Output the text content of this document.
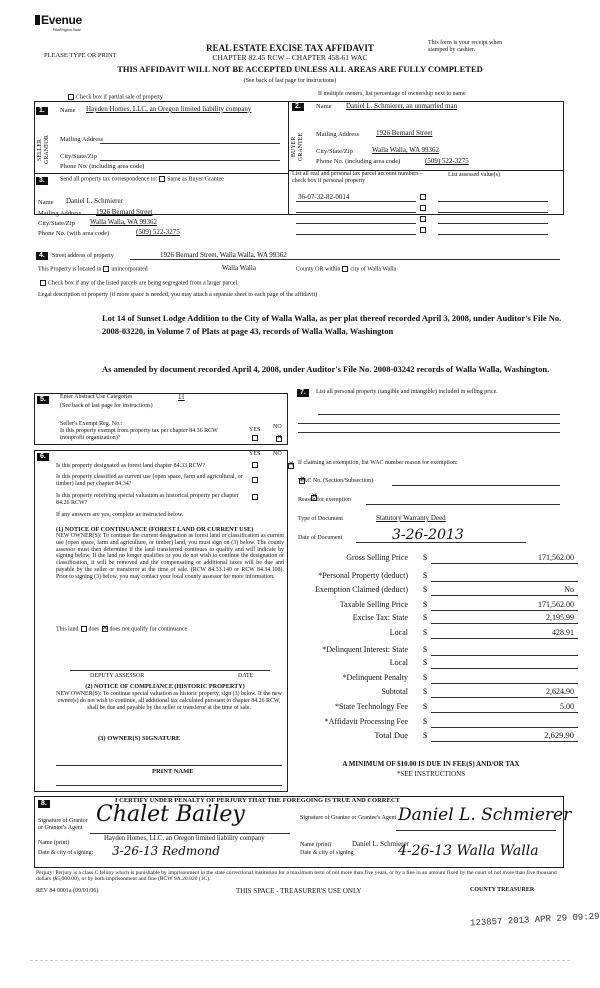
Evenue
Washington State
PLEASE TYPE OR PRINT
REAL ESTATE EXCISE TAX AFFIDAVIT
CHAPTER 82.45 RCW – CHAPTER 458-61 WAC
THIS AFFIDAVIT WILL NOT BE ACCEPTED UNLESS ALL AREAS ARE FULLY COMPLETED
(See back of last page for instructions)
This form is your receipt when stamped by cashier.
Check box if partial sale of property
If multiple owners, list percentage of ownership next to name
1.
SELLER GRANTOR
Name Hayden Homes, LLC, an Oregon limited liability company
Mailing Address
City/State/Zip
Phone No. (including area code)
2.
BUYER GRANTEE
Name Daniel L. Schmierer, an unmarried man
Mailing Address 1926 Bernard Street
City/State/Zip	Walla Walla, WA 99362
Phone No. (including area code)	(509) 522-3275
3.	Send all property tax correspondence to: Same as Buyer/Grantee
Name Daniel L. Schmierer
Mailing Address 1926 Bernard Street
City/State/Zip Walla Walla, WA 99362
Phone No. (with area code)	(509) 522-3275
List all real and personal tax parcel account numbers – check box if personal property
List assessed value(s)
36-07-32-82-0014
4.	Street address of property	1926 Bernard Street, Walla Walla, WA 99362
This Property is located in unincorporated	Walla Walla	County OR within city of Walla Walla
Check box if any of the listed parcels are being segregated from a larger parcel.
Legal description of property (if more space is needed, you may attach a separate sheet to each page of the affidavit)
Lot 14 of Sunset Lodge Addition to the City of Walla Walla, as per plat thereof recorded April 3, 2008, under Auditor's File No. 2008-03220, in Volume 7 of Plats at page 43, records of Walla Walla, Washington
As amended by document recorded April 4, 2008, under Auditor's File No. 2008-03242 records of Walla Walla, Washington.
5.	Enter Abstract Use Categories	11
(See back of last page for instructions)
Seller's Exempt Reg. No.:
Is this property exempt from property tax per chapter 84.36 RCW (nonprofit organization)?
YES NO
✕
6.	YES NO
Is this property designated as forest land chapter 84.33 RCW?
✕
Is this property classified as current use (open space, farm and agricultural, or timber) land per chapter 84.34?
✕
Is this property receiving special valuation as historical property per chapter 84.26 RCW?
✕
If any answers are yes, complete as instructed below.
(1) NOTICE OF CONTINUANCE (FOREST LAND OR CURRENT USE)
NEW OWNER(S): To continue the current designation as forest land or classification as current use (open space, farm and agriculture, or timber) land, you must sign on (3) below. The county assessor must then determine if the land transferred continues to qualify and will indicate by signing below. If the land no longer qualifies or you do not wish to continue the designation or classification, it will be removed and the compensating or additional taxes will be due and payable by the seller or transferor at the time of sale. (RCW 84.33.140 or RCW 84.34.108). Prior to signing (3) below, you may contact your local county assessor for more information.
This land does✕ does not qualify for continuance
DEPUTY ASSESSOR	DATE
(2) NOTICE OF COMPLIANCE (HISTORIC PROPERTY)
NEW OWNER(S): To continue special valuation as historic property, sign (3) below. If the new owner(s) do not wish to continue, all additional tax calculated pursuant to chapter 84.26 RCW, shall be due and payable by the seller or transferor at the time of sale.
(3) OWNER(S) SIGNATURE
PRINT NAME
7.	List all personal property (tangible and intangible) included in selling price.
If claiming an exemption, list WAC number reason for exemption:
WAC No. (Section/Subsection)
Reason for exemption
Type of Document	Statutory Warranty Deed
Date of Document	3-26-2013
Gross Selling Price $	171,562.00
*Personal Property (deduct) $
Exemption Claimed (deduct) $	No
Taxable Selling Price $	171,562.00
Excise Tax: State $	2,195.99
Local $	428.91
*Delinquent Interest: State $
Local $
*Delinquent Penalty $
Subtotal $	2,624.90
*State Technology Fee $	5.00
*Affidavit Processing Fee $
Total Due $	2,629.90
A MINIMUM OF $10.00 IS DUE IN FEE(S) AND/OR TAX
*SEE INSTRUCTIONS
8.	I CERTIFY UNDER PENALTY OF PERJURY THAT THE FOREGOING IS TRUE AND CORRECT
Signature of Grantor or Grantor's Agent
Chalet Bailey
Name (print)
Hayden Homes, LLC, an Oregon limited liability company
Date & city of signing: 3-26-13 Redmond
Signature of Grantee or Grantee's Agent Daniel L. Schmierer
Name (print)	Daniel L. Schmierer
Date & city of signing	4-26-13 Walla Walla
Perjury: Perjury is a class C felony which is punishable by imprisonment in the state correctional institution for a maximum term of not more than five years, or by a fine in an amount fixed by the court of not more than five thousand dollars ($5,000.00), or by both imprisonment and fine (RCW 9A.20.020 (1C).
REV 84 0001a (09/01/06)	THIS SPACE - TREASURER'S USE ONLY	COUNTY TREASURER
123857 2013 APR 29 09:29
